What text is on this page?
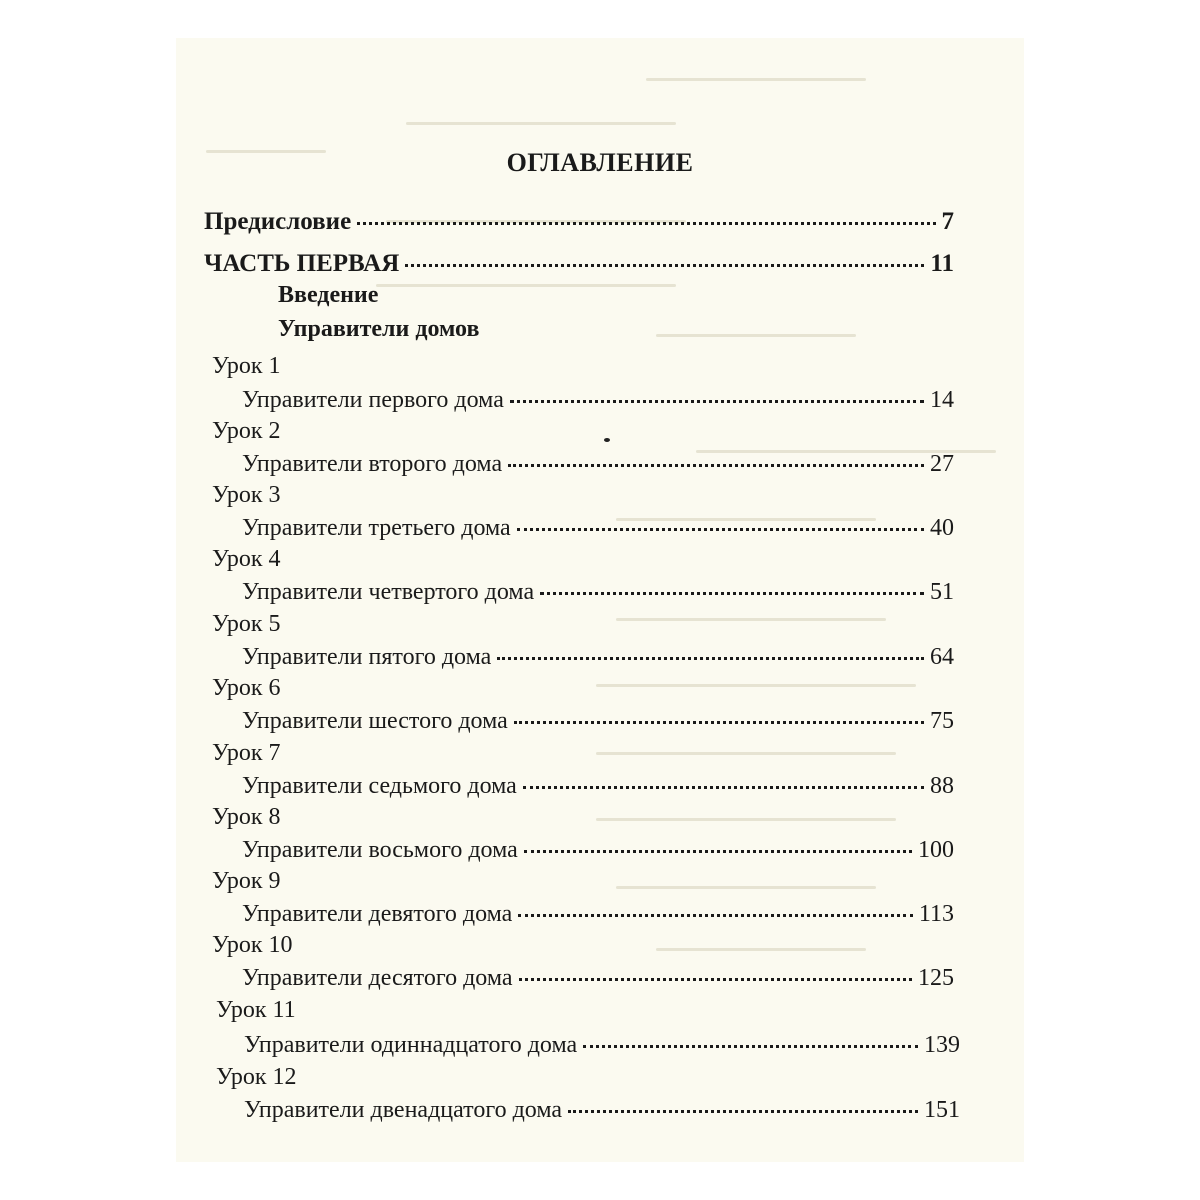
ОГЛАВЛЕНИЕ
Предисловие	7
ЧАСТЬ ПЕРВАЯ	11
Введение
Управители домов
Урок 1
Управители первого дома	14
Урок 2
Управители второго дома	27
Урок 3
Управители третьего дома	40
Урок 4
Управители четвертого дома	51
Урок 5
Управители пятого дома	64
Урок 6
Управители шестого дома	75
Урок 7
Управители седьмого дома	88
Урок 8
Управители восьмого дома	100
Урок 9
Управители девятого дома	113
Урок 10
Управители десятого дома	125
Урок 11
Управители одиннадцатого дома	139
Урок 12
Управители двенадцатого дома	151
